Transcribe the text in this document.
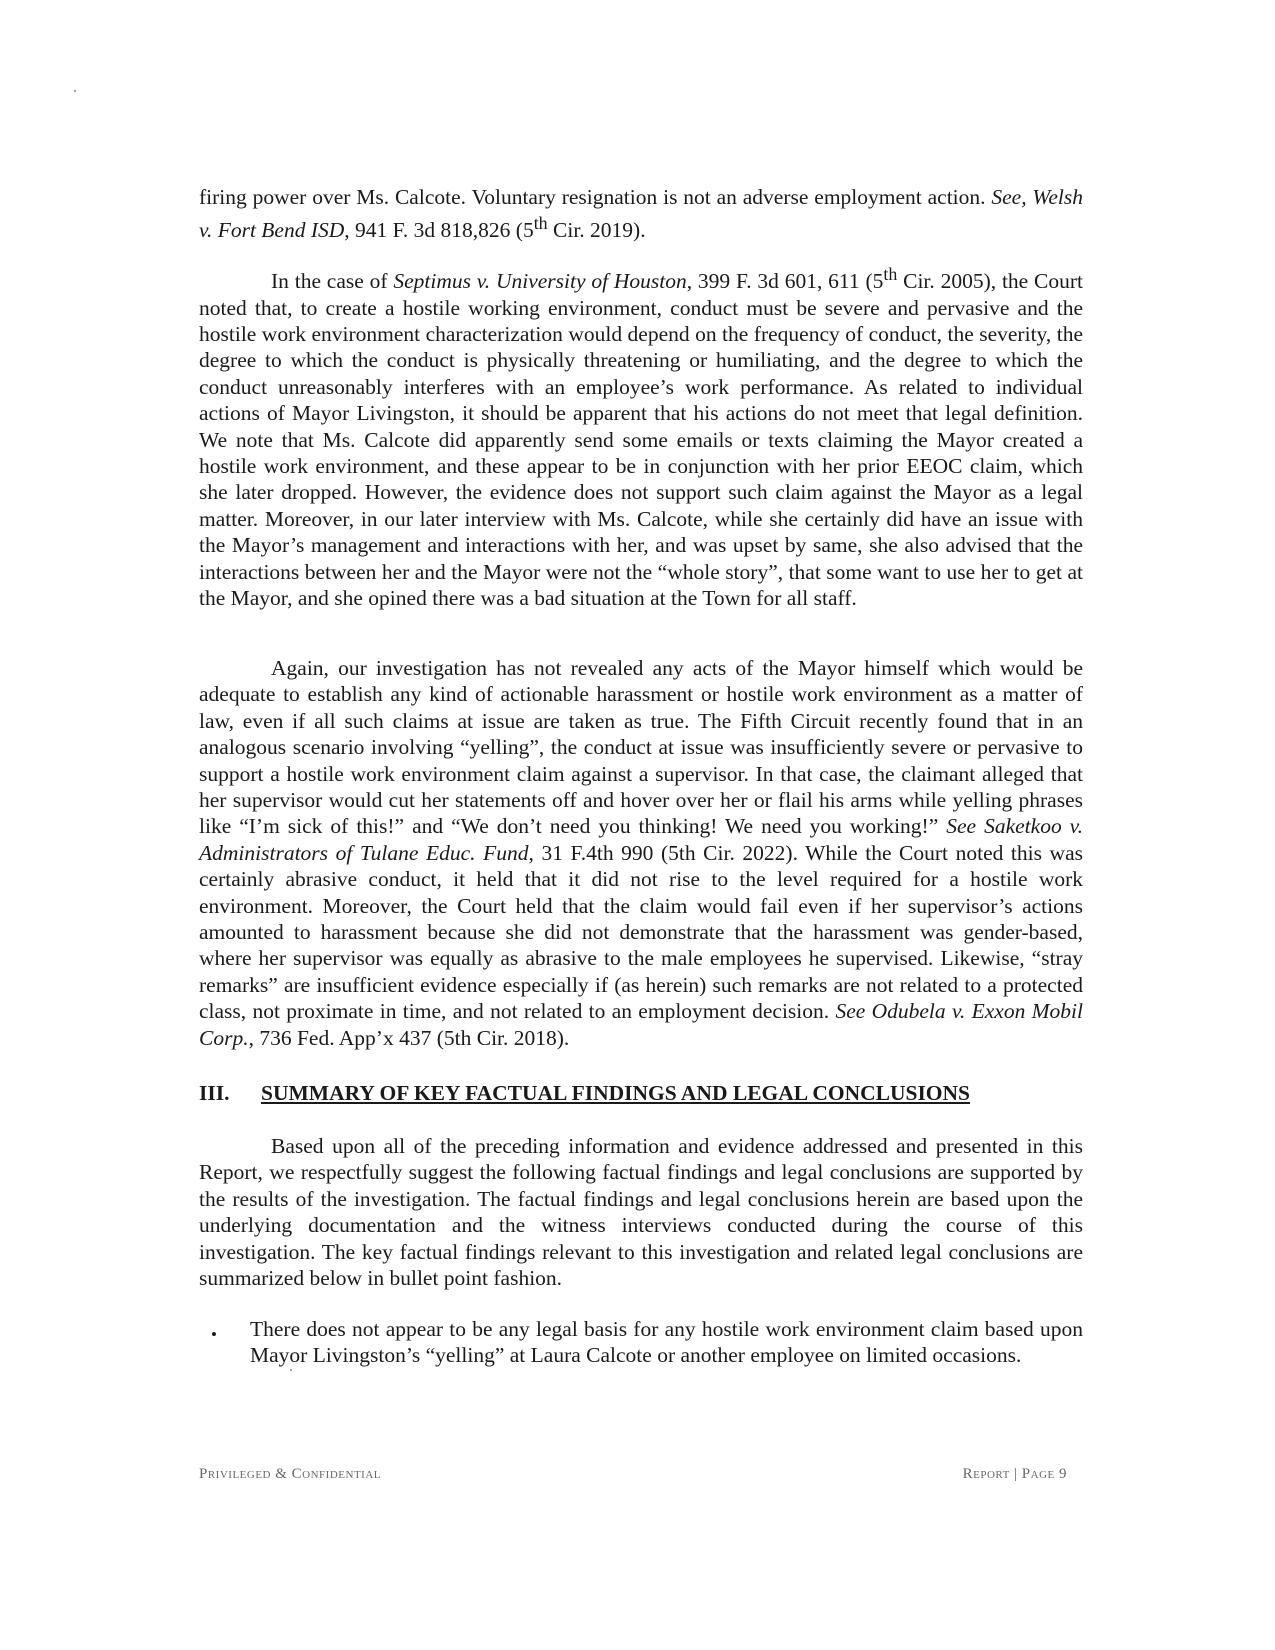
firing power over Ms. Calcote. Voluntary resignation is not an adverse employment action. See, Welsh v. Fort Bend ISD, 941 F. 3d 818,826 (5th Cir. 2019).

In the case of Septimus v. University of Houston, 399 F. 3d 601, 611 (5th Cir. 2005), the Court noted that, to create a hostile working environment, conduct must be severe and pervasive and the hostile work environment characterization would depend on the frequency of conduct, the severity, the degree to which the conduct is physically threatening or humiliating, and the degree to which the conduct unreasonably interferes with an employee’s work performance. As related to individual actions of Mayor Livingston, it should be apparent that his actions do not meet that legal definition. We note that Ms. Calcote did apparently send some emails or texts claiming the Mayor created a hostile work environment, and these appear to be in conjunction with her prior EEOC claim, which she later dropped. However, the evidence does not support such claim against the Mayor as a legal matter. Moreover, in our later interview with Ms. Calcote, while she certainly did have an issue with the Mayor’s management and interactions with her, and was upset by same, she also advised that the interactions between her and the Mayor were not the “whole story”, that some want to use her to get at the Mayor, and she opined there was a bad situation at the Town for all staff.

Again, our investigation has not revealed any acts of the Mayor himself which would be adequate to establish any kind of actionable harassment or hostile work environment as a matter of law, even if all such claims at issue are taken as true. The Fifth Circuit recently found that in an analogous scenario involving “yelling”, the conduct at issue was insufficiently severe or pervasive to support a hostile work environment claim against a supervisor. In that case, the claimant alleged that her supervisor would cut her statements off and hover over her or flail his arms while yelling phrases like “I’m sick of this!” and “We don’t need you thinking! We need you working!” See Saketkoo v. Administrators of Tulane Educ. Fund, 31 F.4th 990 (5th Cir. 2022). While the Court noted this was certainly abrasive conduct, it held that it did not rise to the level required for a hostile work environment. Moreover, the Court held that the claim would fail even if her supervisor’s actions amounted to harassment because she did not demonstrate that the harassment was gender-based, where her supervisor was equally as abrasive to the male employees he supervised. Likewise, “stray remarks” are insufficient evidence especially if (as herein) such remarks are not related to a protected class, not proximate in time, and not related to an employment decision. See Odubela v. Exxon Mobil Corp., 736 Fed. App’x 437 (5th Cir. 2018).

III. SUMMARY OF KEY FACTUAL FINDINGS AND LEGAL CONCLUSIONS

Based upon all of the preceding information and evidence addressed and presented in this Report, we respectfully suggest the following factual findings and legal conclusions are supported by the results of the investigation. The factual findings and legal conclusions herein are based upon the underlying documentation and the witness interviews conducted during the course of this investigation. The key factual findings relevant to this investigation and related legal conclusions are summarized below in bullet point fashion.

• There does not appear to be any legal basis for any hostile work environment claim based upon Mayor Livingston’s “yelling” at Laura Calcote or another employee on limited occasions.
Privileged & Confidential	Report | Page 9
